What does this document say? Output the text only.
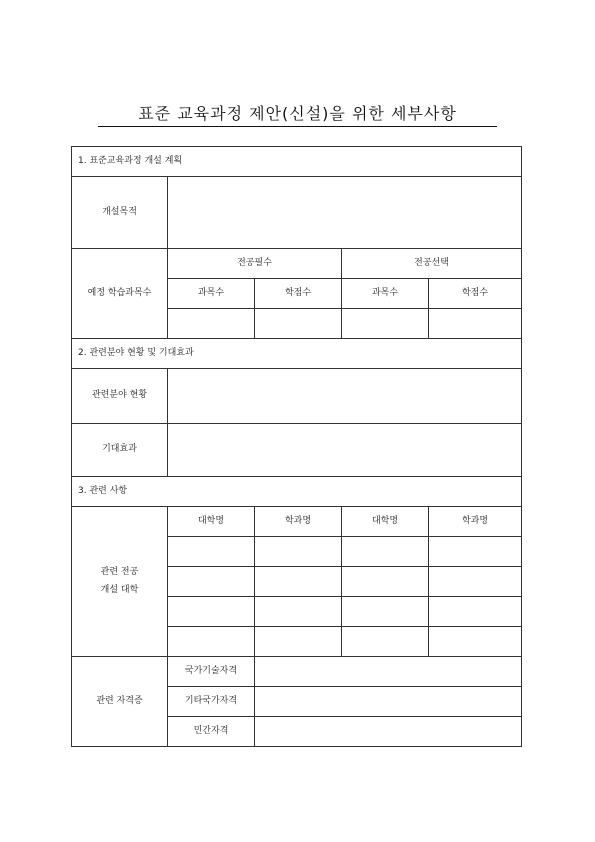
표준 교육과정 제안(신설)을 위한 세부사항
1. 표준교육과정 개설 계획				
개설목적				
예정 학습과목수	전공필수		전공선택	
	과목수	학점수	과목수	학점수

2. 관련분야 현황 및 기대효과				
관련분야 현황				
기대효과				
3. 관련 사항				

관련 전공
개설 대학	대학명	학과명	대학명	학과명

관련 자격증	국가기술자격			
	기타국가자격			
	민간자격			
